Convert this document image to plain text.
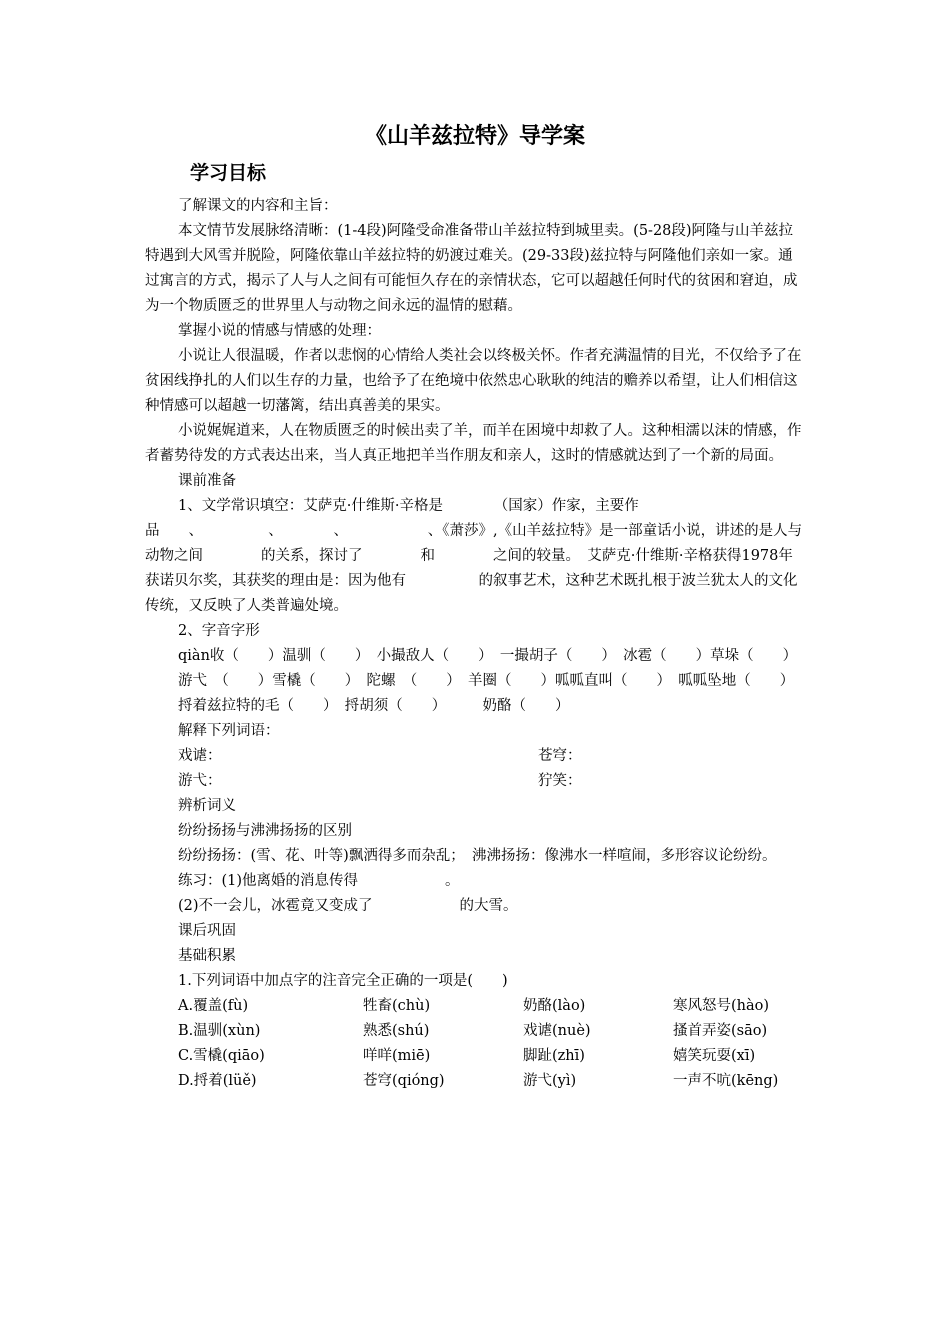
《山羊兹拉特》导学案
学习目标

了解课文的内容和主旨：

本文情节发展脉络清晰：(1-4段)阿隆受命准备带山羊兹拉特到城里卖。(5-28段)阿隆与山羊兹拉特遇到大风雪并脱险，阿隆依靠山羊兹拉特的奶渡过难关。(29-33段)兹拉特与阿隆他们亲如一家。通过寓言的方式，揭示了人与人之间有可能恒久存在的亲情状态，它可以超越任何时代的贫困和窘迫，成为一个物质匮乏的世界里人与动物之间永远的温情的慰藉。

掌握小说的情感与情感的处理：

小说让人很温暖，作者以悲悯的心情给人类社会以终极关怀。作者充满温情的目光，不仅给予了在贫困线挣扎的人们以生存的力量，也给予了在绝境中依然忠心耿耿的纯洁的赡养以希望，让人们相信这种情感可以超越一切藩篱，结出真善美的果实。

小说娓娓道来，人在物质匮乏的时候出卖了羊，而羊在困境中却救了人。这种相濡以沫的情感，作者蓄势待发的方式表达出来，当人真正地把羊当作朋友和亲人，这时的情感就达到了一个新的局面。

课前准备

1、文学常识填空：艾萨克·什维斯·辛格是　　　　（国家）作家，主要作品　　、　　　　　、　　　　、　　　　　　、《萧莎》,《山羊兹拉特》是一部童话小说，讲述的是人与动物之间　　　　的关系，探讨了　　　　和　　　　之间的较量。　艾萨克·什维斯·辛格获得1978年获诺贝尔奖，其获奖的理由是：因为他有　　　　　的叙事艺术，这种艺术既扎根于波兰犹太人的文化传统，又反映了人类普遍处境。

2、字音字形

qiàn收（　　）温驯（　　）　小撮敌人（　　）　一撮胡子（　　）　冰雹（　　）草垛（　　）

游弋　（　　）雪橇（　　）　陀螺　（　　）　羊圈（　　）呱呱直叫（　　）　呱呱坠地（　　）

捋着兹拉特的毛（　　）　捋胡须（　　）　　　奶酪（　　）

解释下列词语：

戏谑：	苍穹：
游弋：	狞笑：

辨析词义

纷纷扬扬与沸沸扬扬的区别

纷纷扬扬：(雪、花、叶等)飘洒得多而杂乱；　沸沸扬扬：像沸水一样喧闹，多形容议论纷纷。

练习：(1)他离婚的消息传得　　　　　　。

(2)不一会儿，冰雹竟又变成了　　　　　　的大雪。

课后巩固

基础积累

1.下列词语中加点字的注音完全正确的一项是(　　)

A.覆盖(fù)	牲畜(chù)	奶酪(lào)	寒风怒号(hào)
B.温驯(xùn)	熟悉(shú)	戏谑(nuè)	搔首弄姿(sāo)
C.雪橇(qiāo)	咩咩(miē)	脚趾(zhī)	嬉笑玩耍(xī)
D.捋着(lüě)	苍穹(qióng)	游弋(yì)	一声不吭(kēng)
